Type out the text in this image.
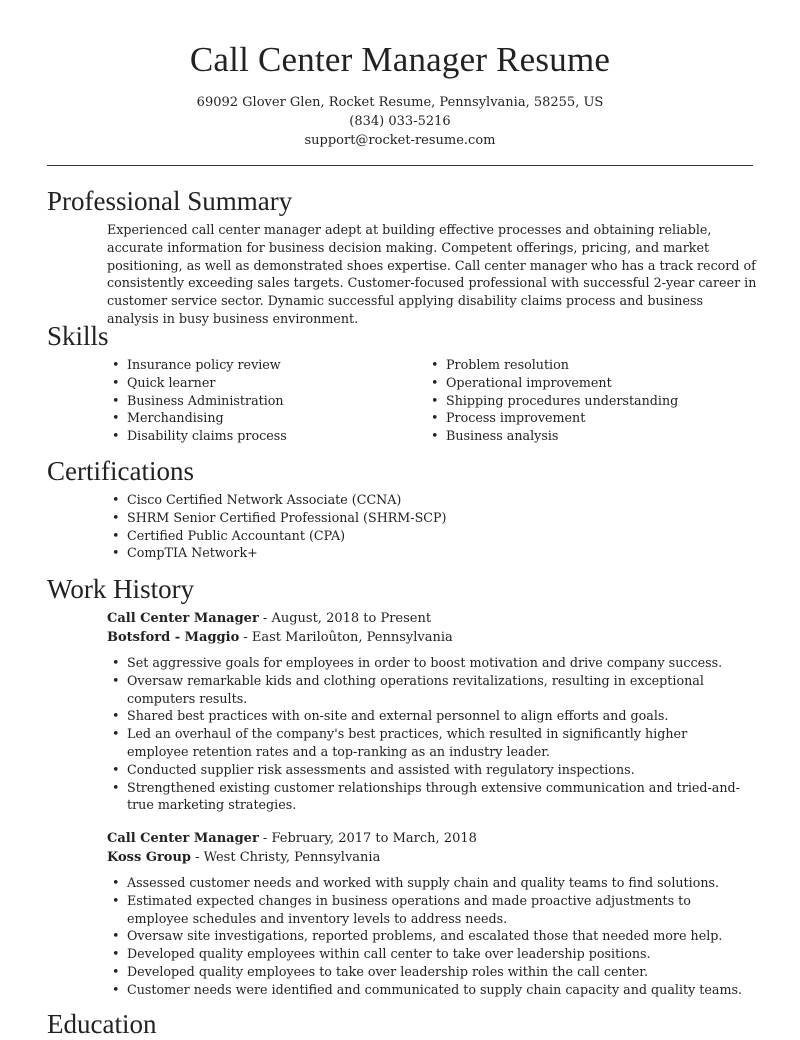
Call Center Manager Resume
69092 Glover Glen, Rocket Resume, Pennsylvania, 58255, US
(834) 033-5216
support@rocket-resume.com
Professional Summary
Experienced call center manager adept at building effective processes and obtaining reliable, accurate information for business decision making. Competent offerings, pricing, and market positioning, as well as demonstrated shoes expertise. Call center manager who has a track record of consistently exceeding sales targets. Customer-focused professional with successful 2-year career in customer service sector. Dynamic successful applying disability claims process and business analysis in busy business environment.
Skills
• Insurance policy review
• Quick learner
• Business Administration
• Merchandising
• Disability claims process
• Problem resolution
• Operational improvement
• Shipping procedures understanding
• Process improvement
• Business analysis
Certifications
• Cisco Certified Network Associate (CCNA)
• SHRM Senior Certified Professional (SHRM-SCP)
• Certified Public Accountant (CPA)
• CompTIA Network+
Work History
Call Center Manager - August, 2018 to Present
Botsford - Maggio - East Mariloûton, Pennsylvania
• Set aggressive goals for employees in order to boost motivation and drive company success.
• Oversaw remarkable kids and clothing operations revitalizations, resulting in exceptional computers results.
• Shared best practices with on-site and external personnel to align efforts and goals.
• Led an overhaul of the company's best practices, which resulted in significantly higher employee retention rates and a top-ranking as an industry leader.
• Conducted supplier risk assessments and assisted with regulatory inspections.
• Strengthened existing customer relationships through extensive communication and tried-and-true marketing strategies.
Call Center Manager - February, 2017 to March, 2018
Koss Group - West Christy, Pennsylvania
• Assessed customer needs and worked with supply chain and quality teams to find solutions.
• Estimated expected changes in business operations and made proactive adjustments to employee schedules and inventory levels to address needs.
• Oversaw site investigations, reported problems, and escalated those that needed more help.
• Developed quality employees within call center to take over leadership positions.
• Developed quality employees to take over leadership roles within the call center.
• Customer needs were identified and communicated to supply chain capacity and quality teams.
Education
